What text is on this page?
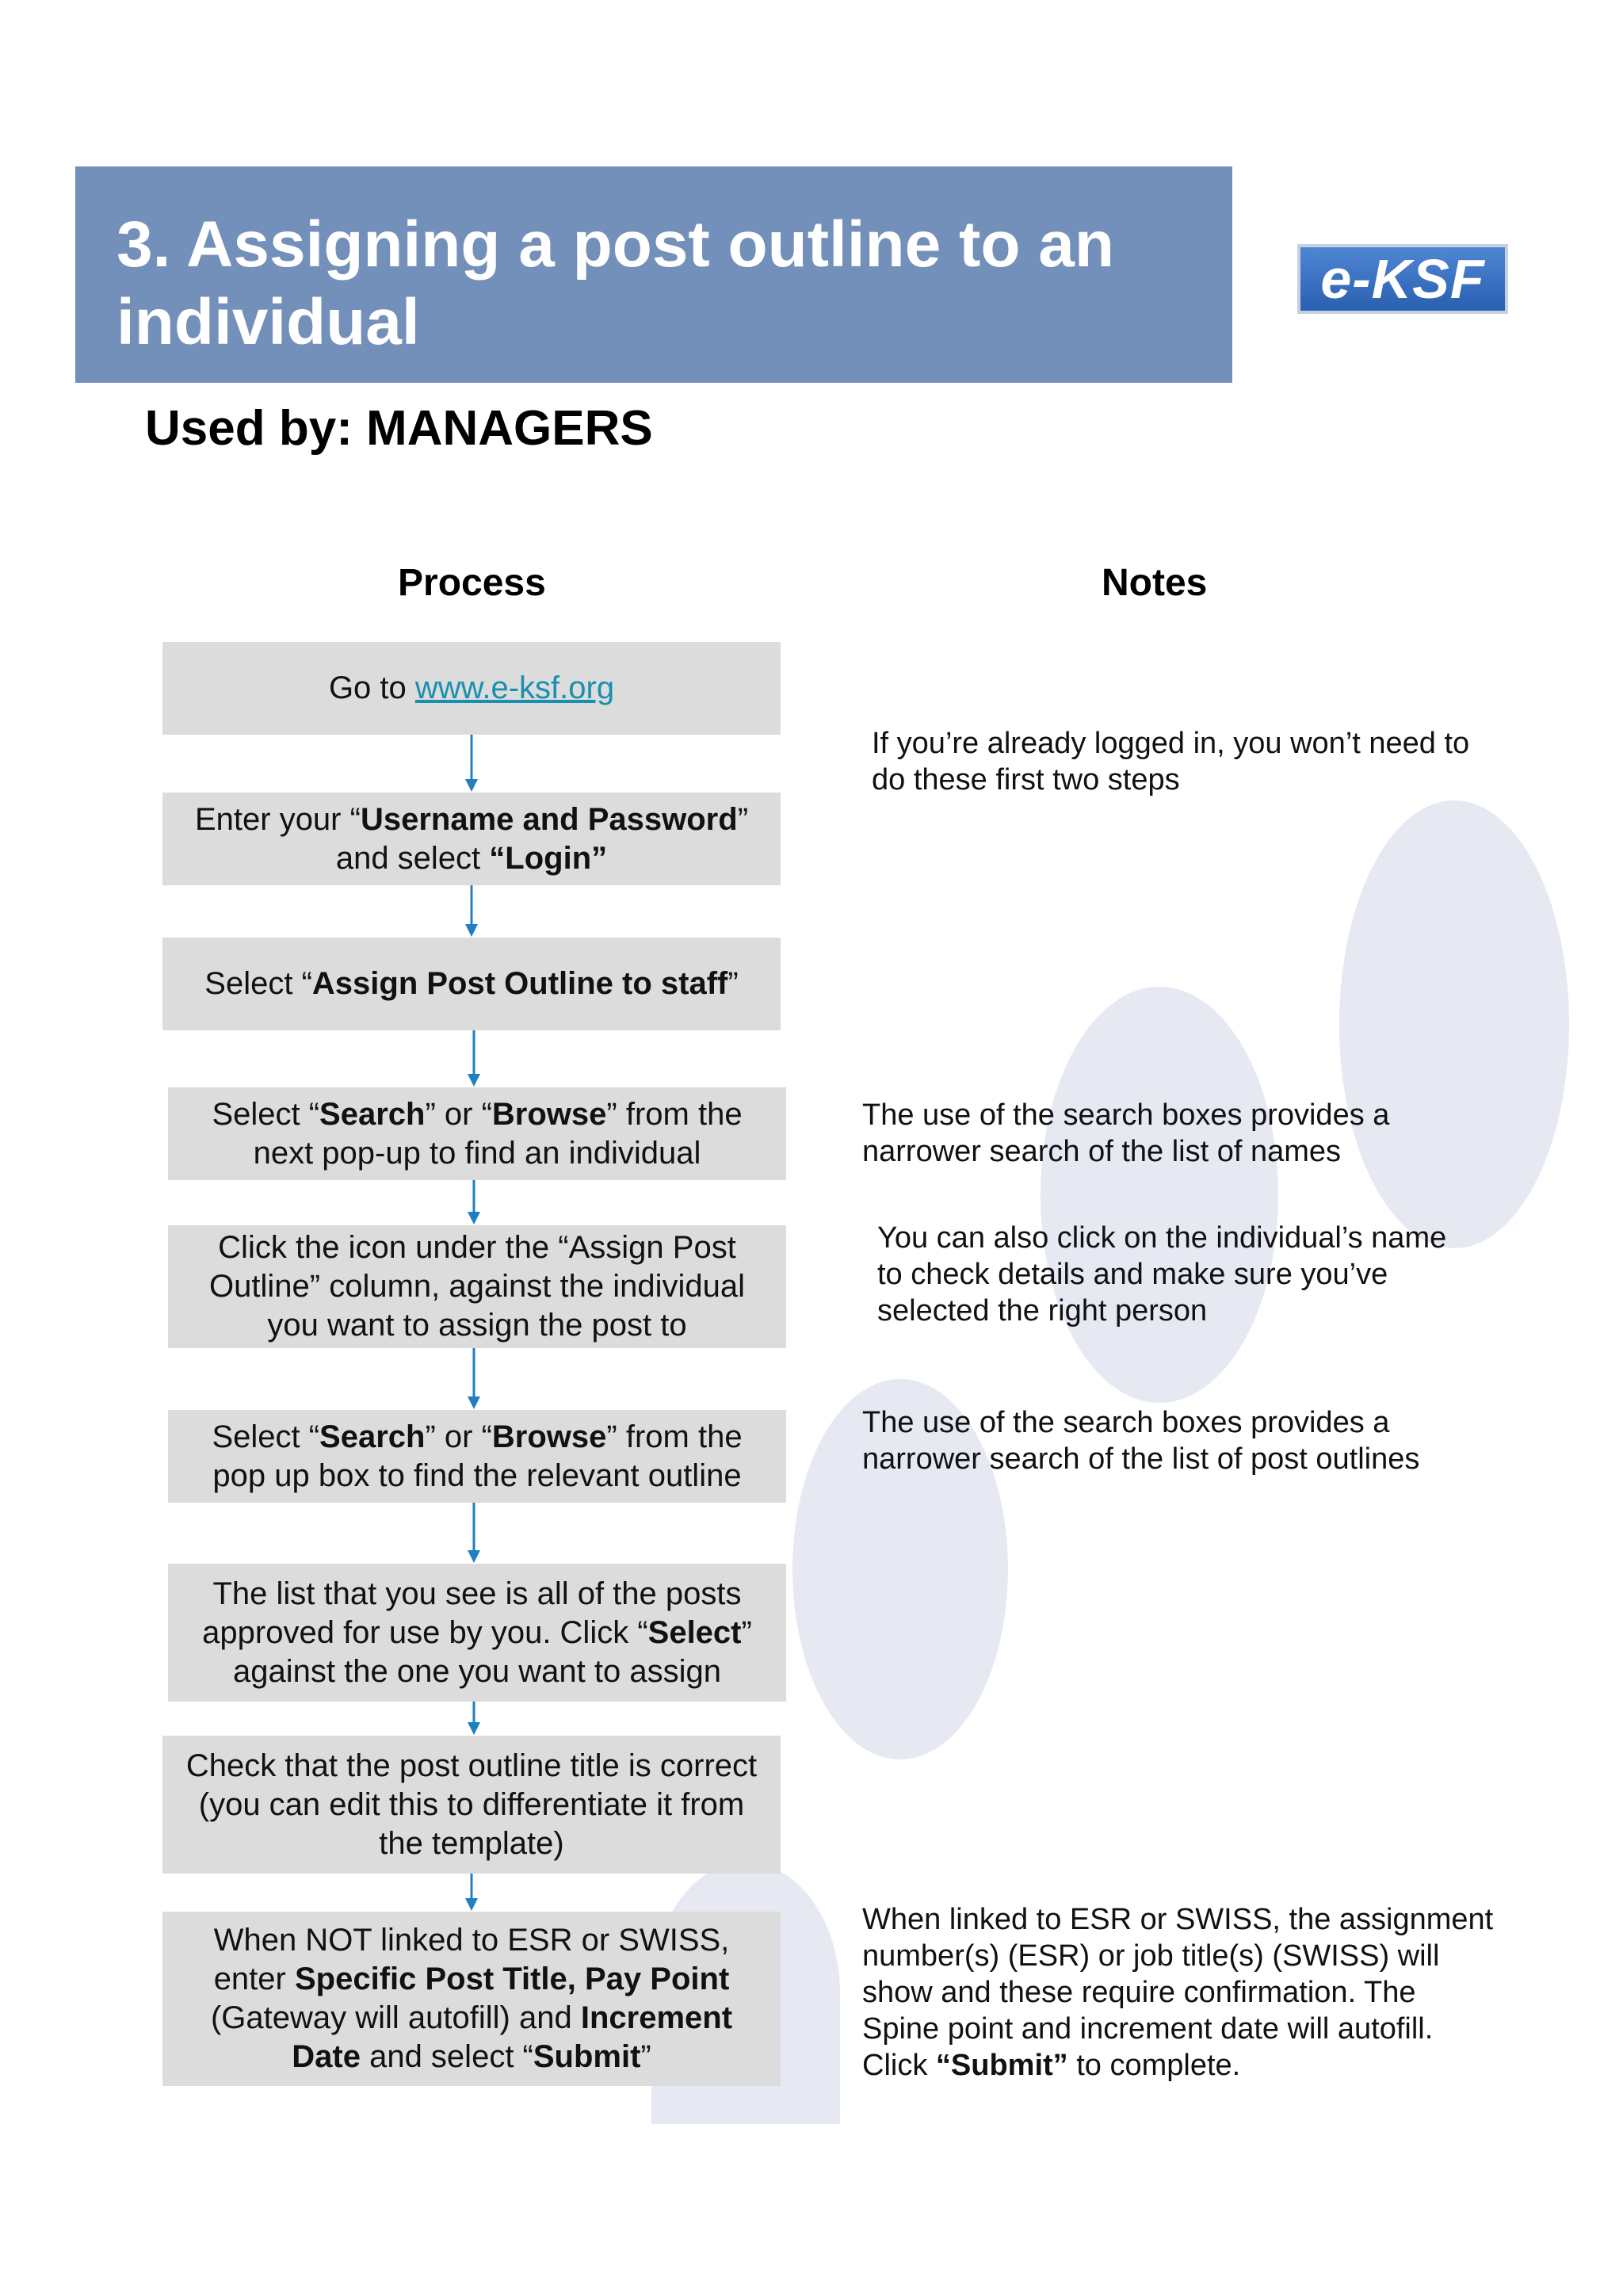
3. Assigning a post outline to an individual
e-KSF
Used by: MANAGERS
Process	Notes
Go to www.e-ksf.org
Enter your “Username and Password” and select “Login”
Select “Assign Post Outline to staff”
Select “Search” or “Browse” from the next pop-up to find an individual
Click the icon under the “Assign Post Outline” column, against the individual you want to assign the post to
Select “Search” or “Browse” from the pop up box to find the relevant outline
The list that you see is all of the posts approved for use by you. Click “Select” against the one you want to assign
Check that the post outline title is correct (you can edit this to differentiate it from the template)
When NOT linked to ESR or SWISS, enter Specific Post Title, Pay Point (Gateway will autofill) and Increment Date and select “Submit”
If you’re already logged in, you won’t need to do these first two steps
The use of the search boxes provides a narrower search of the list of names
You can also click on the individual’s name to check details and make sure you’ve selected the right person
The use of the search boxes provides a narrower search of the list of post outlines
When linked to ESR or SWISS, the assignment number(s) (ESR) or job title(s) (SWISS) will show and these require confirmation. The Spine point and increment date will autofill. Click “Submit” to complete.
